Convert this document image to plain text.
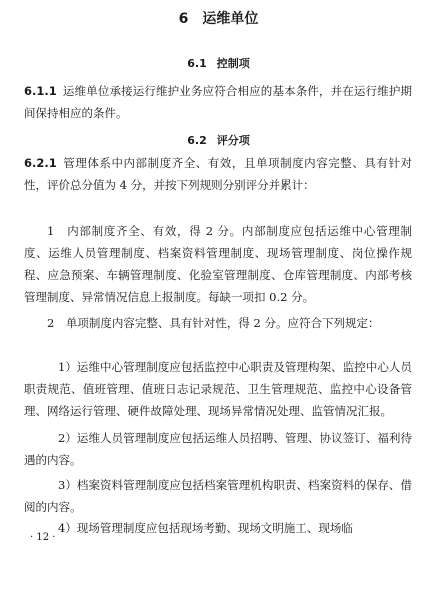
6 运维单位
6.1 控制项
6.1.1 运维单位承接运行维护业务应符合相应的基本条件，并在运行维护期间保持相应的条件。
6.2 评分项
6.2.1 管理体系中内部制度齐全、有效，且单项制度内容完整、具有针对性，评价总分值为 4 分，并按下列规则分别评分并累计：
1　内部制度齐全、有效，得 2 分。内部制度应包括运维中心管理制度、运维人员管理制度、档案资料管理制度、现场管理制度、岗位操作规程、应急预案、车辆管理制度、化验室管理制度、仓库管理制度、内部考核管理制度、异常情况信息上报制度。每缺一项扣 0.2 分。
2　单项制度内容完整、具有针对性，得 2 分。应符合下列规定：
1）运维中心管理制度应包括监控中心职责及管理构架、监控中心人员职责规范、值班管理、值班日志记录规范、卫生管理规范、监控中心设备管理、网络运行管理、硬件故障处理、现场异常情况处理、监管情况汇报。
2）运维人员管理制度应包括运维人员招聘、管理、协议签订、福利待遇的内容。
3）档案资料管理制度应包括档案管理机构职责、档案资料的保存、借阅的内容。
4）现场管理制度应包括现场考勤、现场文明施工、现场临
· 12 ·
